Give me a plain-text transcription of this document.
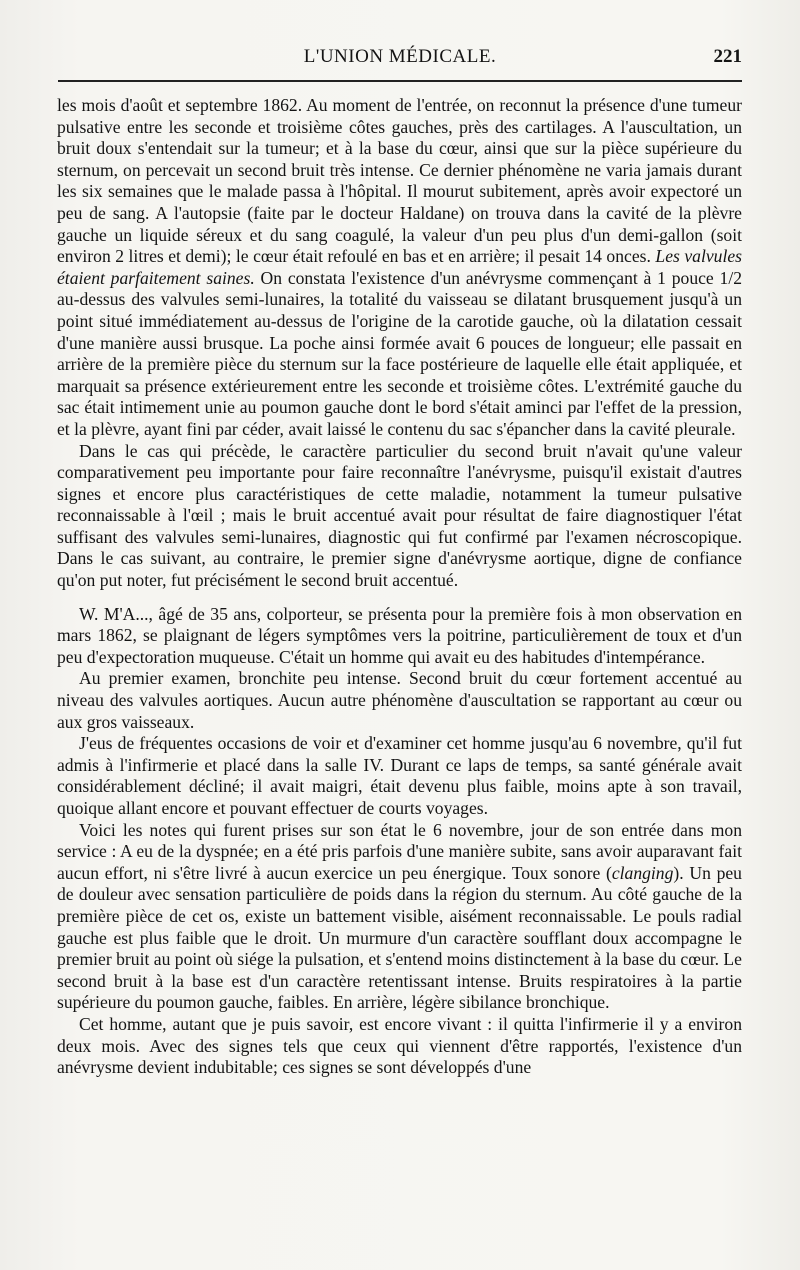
L'UNION MÉDICALE.	221

les mois d'août et septembre 1862. Au moment de l'entrée, on reconnut la présence d'une tumeur pulsative entre les seconde et troisième côtes gauches, près des cartilages. A l'auscultation, un bruit doux s'entendait sur la tumeur; et à la base du cœur, ainsi que sur la pièce supérieure du sternum, on percevait un second bruit très intense. Ce dernier phénomène ne varia jamais durant les six semaines que le malade passa à l'hôpital. Il mourut subitement, après avoir expectoré un peu de sang. A l'autopsie (faite par le docteur Haldane) on trouva dans la cavité de la plèvre gauche un liquide séreux et du sang coagulé, la valeur d'un peu plus d'un demi-gallon (soit environ 2 litres et demi); le cœur était refoulé en bas et en arrière; il pesait 14 onces. Les valvules étaient parfaitement saines. On constata l'existence d'un anévrysme commençant à 1 pouce 1/2 au-dessus des valvules semi-lunaires, la totalité du vaisseau se dilatant brusquement jusqu'à un point situé immédiatement au-dessus de l'origine de la carotide gauche, où la dilatation cessait d'une manière aussi brusque. La poche ainsi formée avait 6 pouces de longueur; elle passait en arrière de la première pièce du sternum sur la face postérieure de laquelle elle était appliquée, et marquait sa présence extérieurement entre les seconde et troisième côtes. L'extrémité gauche du sac était intimement unie au poumon gauche dont le bord s'était aminci par l'effet de la pression, et la plèvre, ayant fini par céder, avait laissé le contenu du sac s'épancher dans la cavité pleurale.

Dans le cas qui précède, le caractère particulier du second bruit n'avait qu'une valeur comparativement peu importante pour faire reconnaître l'anévrysme, puisqu'il existait d'autres signes et encore plus caractéristiques de cette maladie, notamment la tumeur pulsative reconnaissable à l'œil ; mais le bruit accentué avait pour résultat de faire diagnostiquer l'état suffisant des valvules semi-lunaires, diagnostic qui fut confirmé par l'examen nécroscopique. Dans le cas suivant, au contraire, le premier signe d'anévrysme aortique, digne de confiance qu'on put noter, fut précisément le second bruit accentué.

W. M'A..., âgé de 35 ans, colporteur, se présenta pour la première fois à mon observation en mars 1862, se plaignant de légers symptômes vers la poitrine, particulièrement de toux et d'un peu d'expectoration muqueuse. C'était un homme qui avait eu des habitudes d'intempérance.

Au premier examen, bronchite peu intense. Second bruit du cœur fortement accentué au niveau des valvules aortiques. Aucun autre phénomène d'auscultation se rapportant au cœur ou aux gros vaisseaux.

J'eus de fréquentes occasions de voir et d'examiner cet homme jusqu'au 6 novembre, qu'il fut admis à l'infirmerie et placé dans la salle IV. Durant ce laps de temps, sa santé générale avait considérablement décliné; il avait maigri, était devenu plus faible, moins apte à son travail, quoique allant encore et pouvant effectuer de courts voyages.

Voici les notes qui furent prises sur son état le 6 novembre, jour de son entrée dans mon service : A eu de la dyspnée; en a été pris parfois d'une manière subite, sans avoir auparavant fait aucun effort, ni s'être livré à aucun exercice un peu énergique. Toux sonore (clanging). Un peu de douleur avec sensation particulière de poids dans la région du sternum. Au côté gauche de la première pièce de cet os, existe un battement visible, aisément reconnaissable. Le pouls radial gauche est plus faible que le droit. Un murmure d'un caractère soufflant doux accompagne le premier bruit au point où siége la pulsation, et s'entend moins distinctement à la base du cœur. Le second bruit à la base est d'un caractère retentissant intense. Bruits respiratoires à la partie supérieure du poumon gauche, faibles. En arrière, légère sibilance bronchique.

Cet homme, autant que je puis savoir, est encore vivant : il quitta l'infirmerie il y a environ deux mois. Avec des signes tels que ceux qui viennent d'être rapportés, l'existence d'un anévrysme devient indubitable; ces signes se sont développés d'une
